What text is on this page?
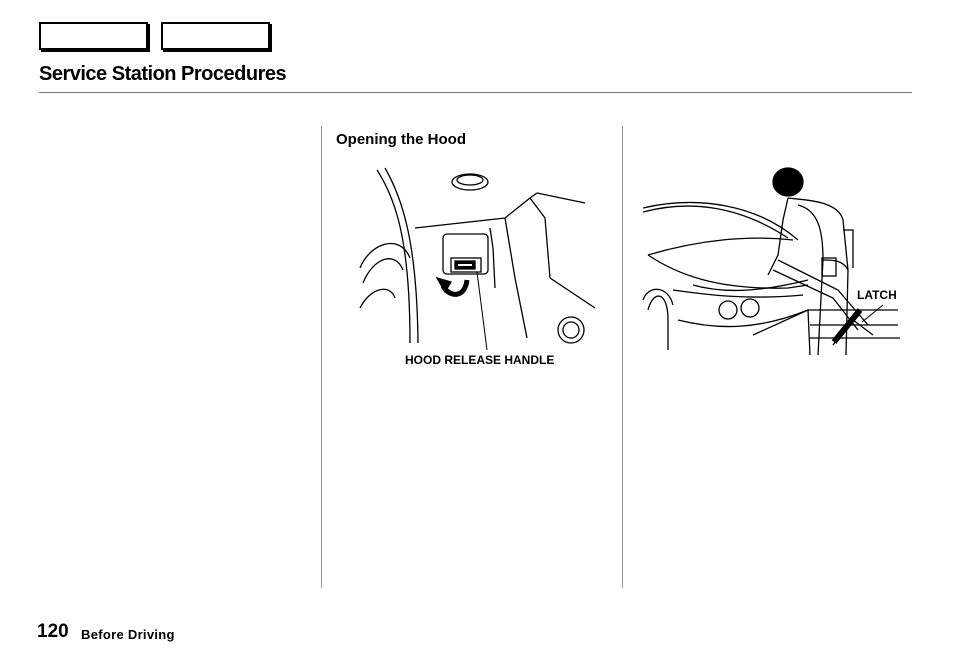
Service Station Procedures
Opening the Hood
HOOD RELEASE HANDLE
LATCH
120 Before Driving
